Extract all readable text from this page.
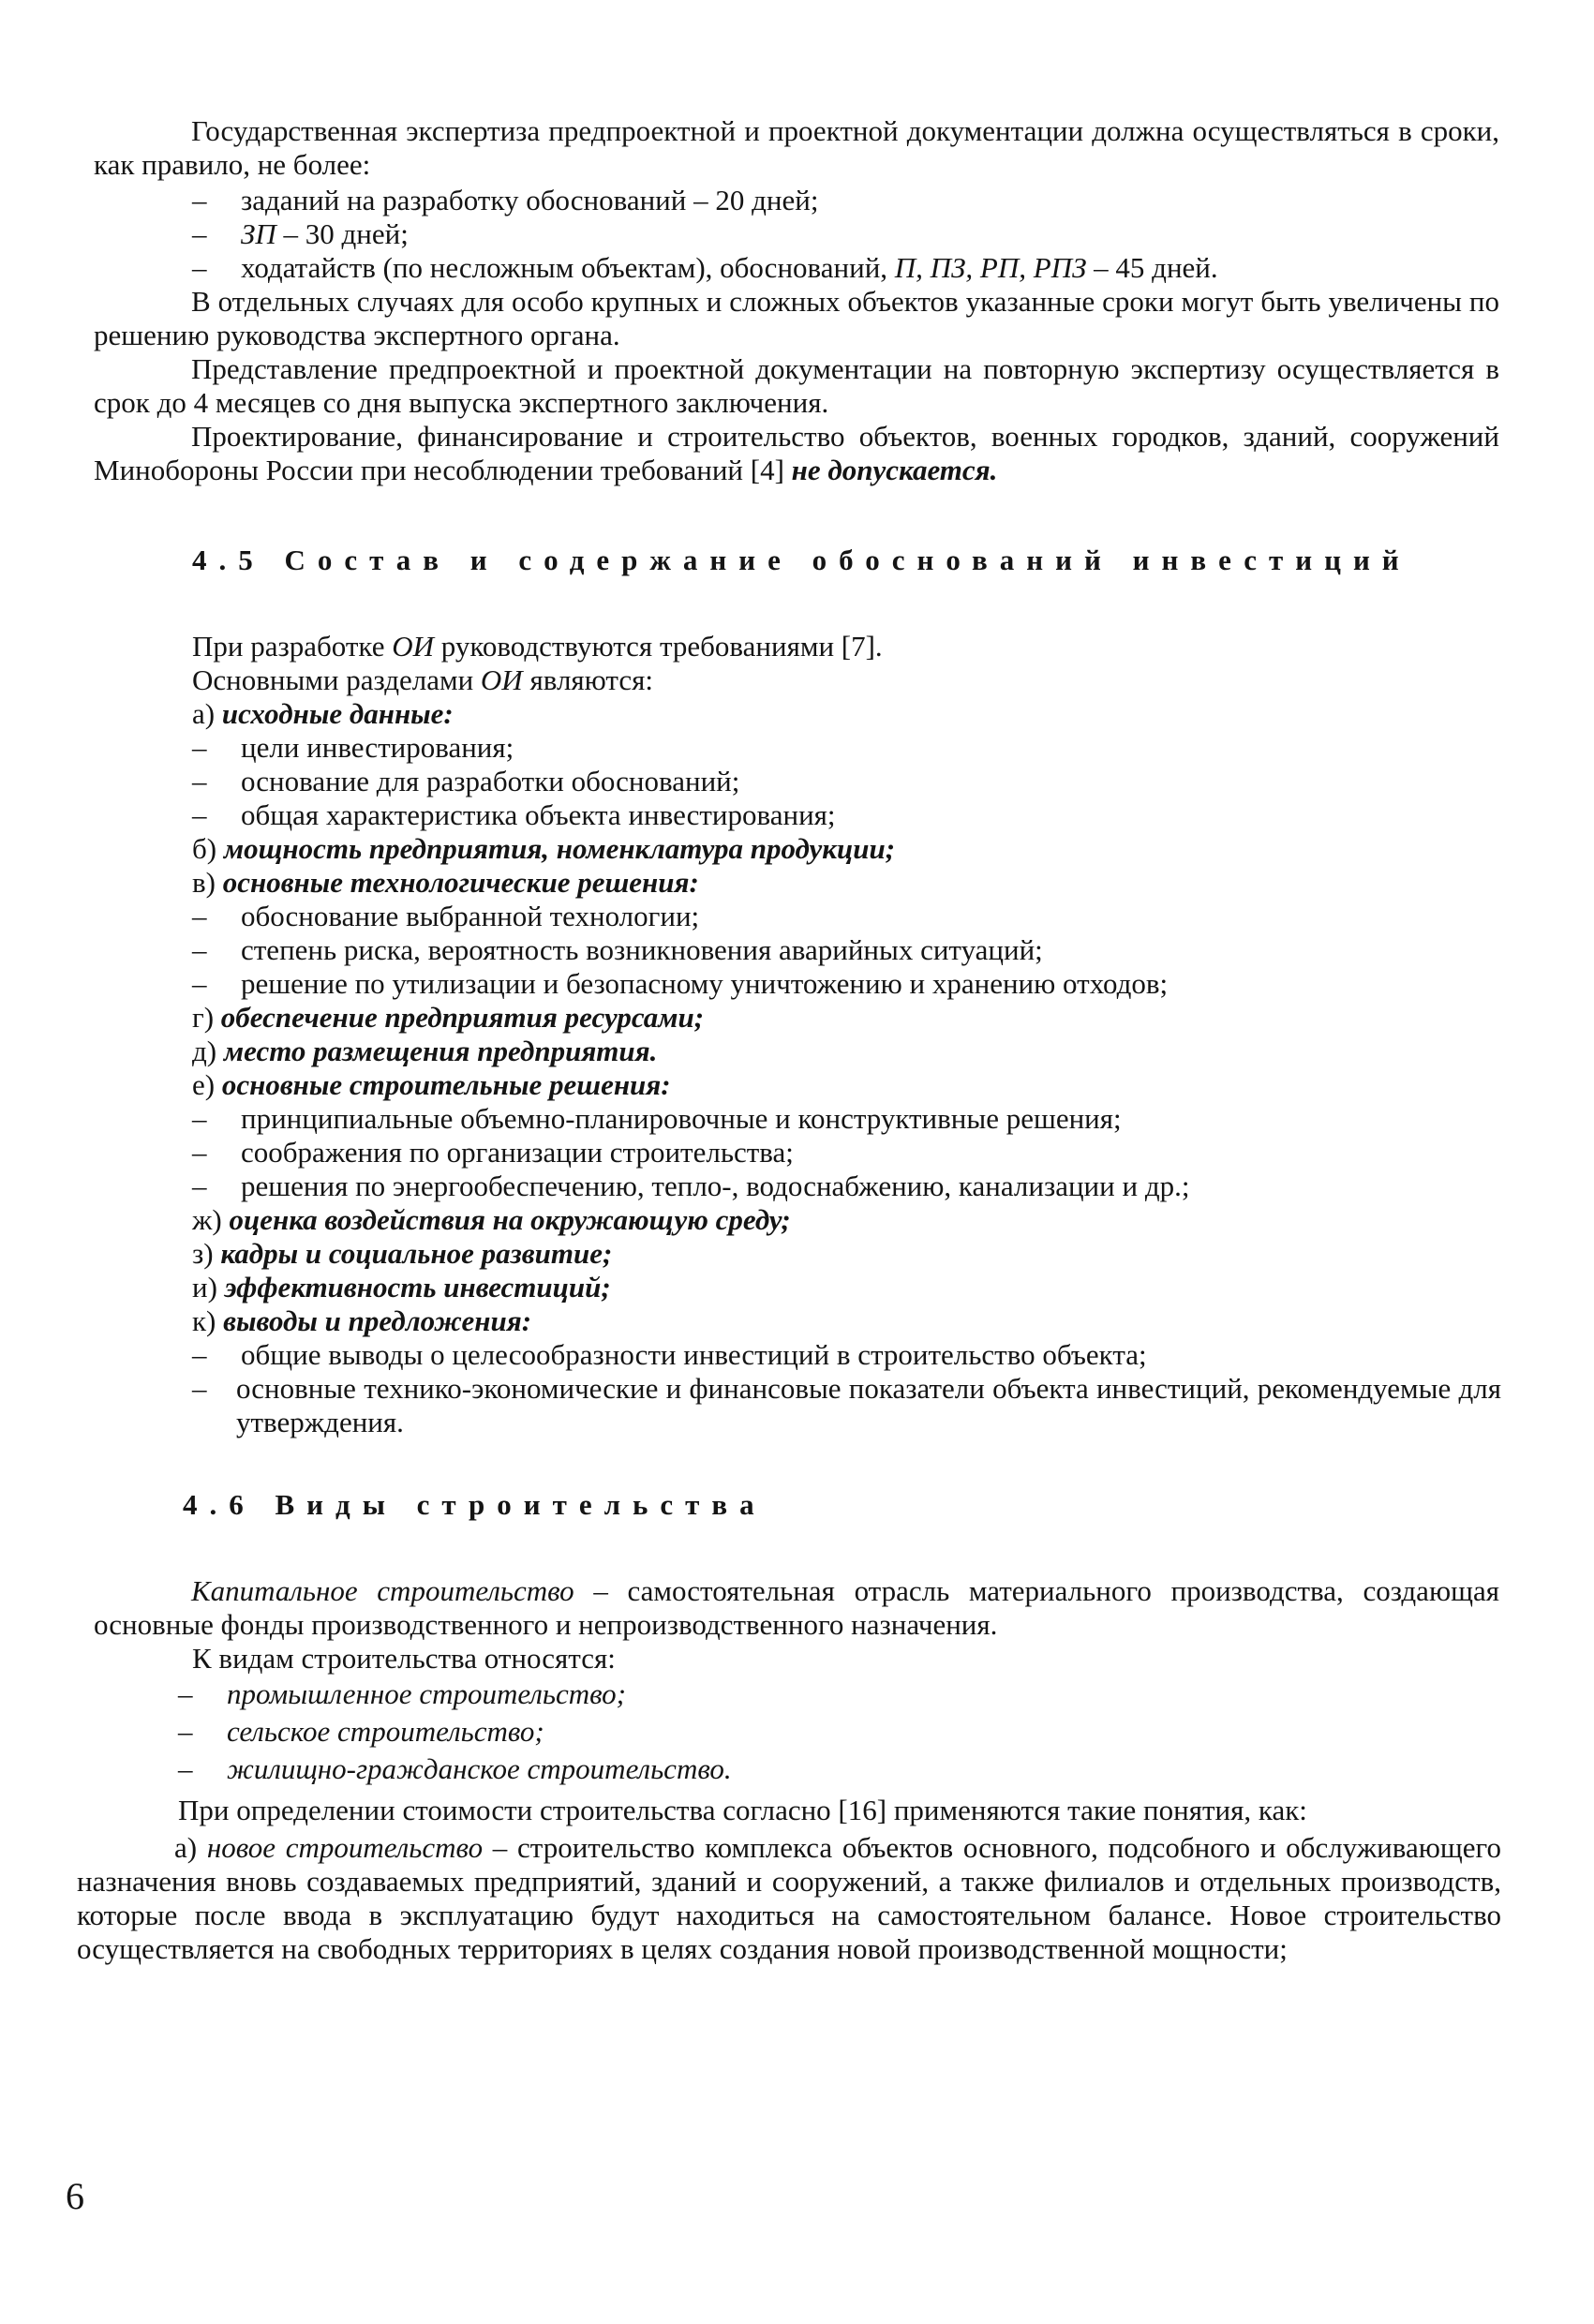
Государственная экспертиза предпроектной и проектной документации должна осуществляться в сроки, как правило, не более:
– заданий на разработку обоснований – 20 дней;
– ЗП – 30 дней;
– ходатайств (по несложным объектам), обоснований, П, ПЗ, РП, РПЗ – 45 дней.
В отдельных случаях для особо крупных и сложных объектов указанные сроки могут быть увеличены по решению руководства экспертного органа.
Представление предпроектной и проектной документации на повторную экспертизу осуществляется в срок до 4 месяцев со дня выпуска экспертного заключения.
Проектирование, финансирование и строительство объектов, военных городков, зданий, сооружений Минобороны России при несоблюдении требований [4] не допускается.
4.5 Состав и содержание обоснований инвестиций
При разработке ОИ руководствуются требованиями [7].
Основными разделами ОИ являются:
а) исходные данные:
– цели инвестирования;
– основание для разработки обоснований;
– общая характеристика объекта инвестирования;
б) мощность предприятия, номенклатура продукции;
в) основные технологические решения:
– обоснование выбранной технологии;
– степень риска, вероятность возникновения аварийных ситуаций;
– решение по утилизации и безопасному уничтожению и хранению отходов;
г) обеспечение предприятия ресурсами;
д) место размещения предприятия.
е) основные строительные решения:
– принципиальные объемно-планировочные и конструктивные решения;
– соображения по организации строительства;
– решения по энергообеспечению, тепло-, водоснабжению, канализации и др.;
ж) оценка воздействия на окружающую среду;
з) кадры и социальное развитие;
и) эффективность инвестиций;
к) выводы и предложения:
– общие выводы о целесообразности инвестиций в строительство объекта;
–	основные технико-экономические и финансовые показатели объекта инвестиций, рекомендуемые для утверждения.
4.6 Виды строительства
Капитальное строительство – самостоятельная отрасль материального производства, создающая основные фонды производственного и непроизводственного назначения.
К видам строительства относятся:
– промышленное строительство;
– сельское строительство;
– жилищно-гражданское строительство.
При определении стоимости строительства согласно [16] применяются такие понятия, как:
а) новое строительство – строительство комплекса объектов основного, подсобного и обслуживающего назначения вновь создаваемых предприятий, зданий и сооружений, а также филиалов и отдельных производств, которые после ввода в эксплуатацию будут находиться на самостоятельном балансе. Новое строительство осуществляется на свободных территориях в целях создания новой производственной мощности;
6
